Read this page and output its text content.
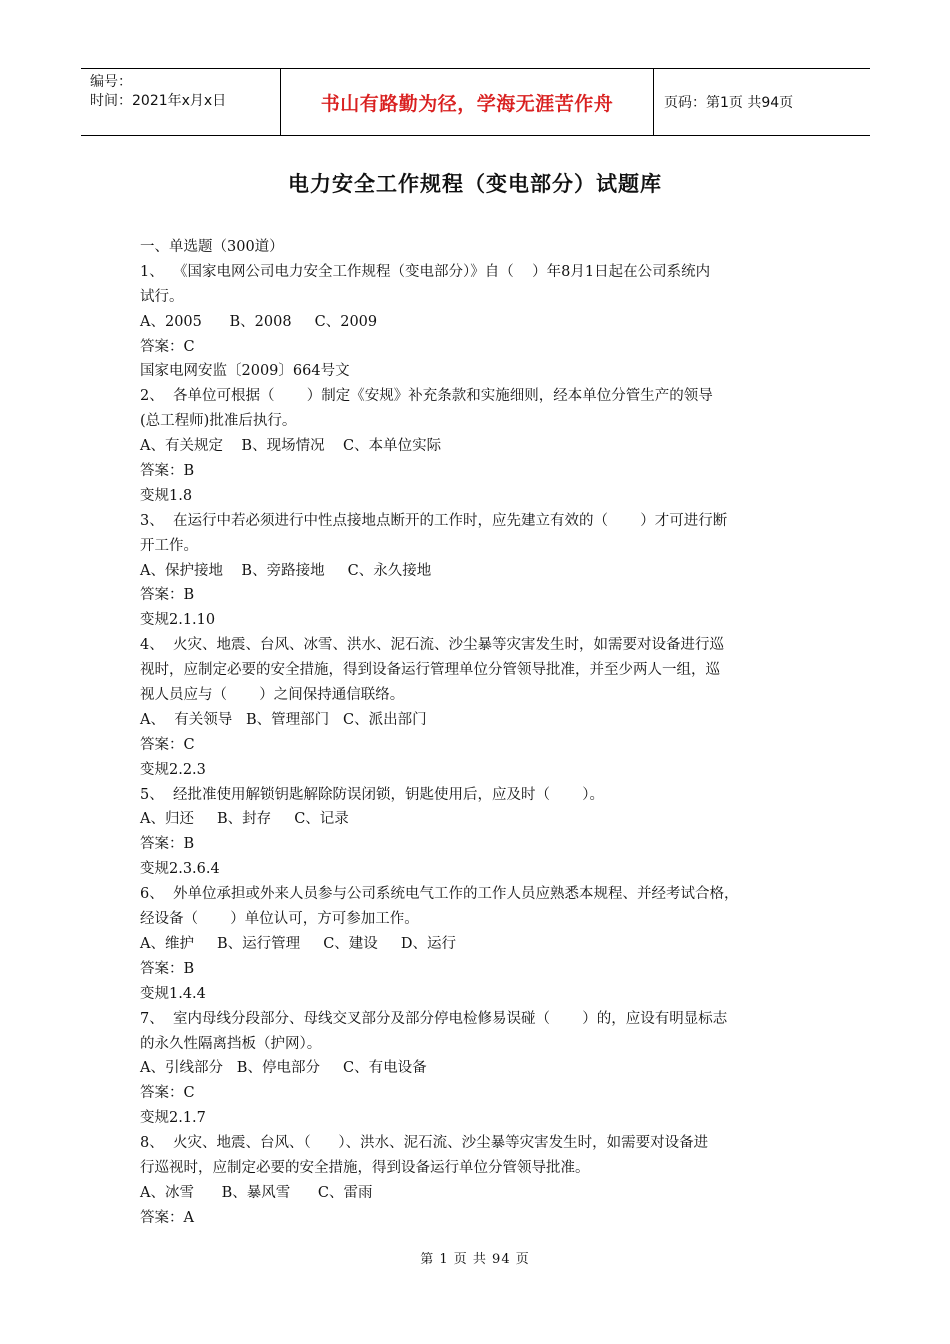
编号：
时间：2021年x月x日	书山有路勤为径，学海无涯苦作舟	页码：第1页 共94页
电力安全工作规程（变电部分）试题库
一、单选题（300道）
1、  《国家电网公司电力安全工作规程（变电部分）》自（    ）年8月1日起在公司系统内
试行。
A、2005      B、2008     C、2009
答案：C
国家电网安监〔2009〕664号文
2、  各单位可根据（       ）制定《安规》补充条款和实施细则，经本单位分管生产的领导
(总工程师)批准后执行。
A、有关规定    B、现场情况    C、本单位实际
答案：B
变规1.8
3、  在运行中若必须进行中性点接地点断开的工作时，应先建立有效的（       ）才可进行断
开工作。
A、保护接地    B、旁路接地     C、永久接地
答案：B
变规2.1.10
4、  火灾、地震、台风、冰雪、洪水、泥石流、沙尘暴等灾害发生时，如需要对设备进行巡
视时，应制定必要的安全措施，得到设备运行管理单位分管领导批准，并至少两人一组，巡
视人员应与（       ）之间保持通信联络。
A、  有关领导   B、管理部门   C、派出部门
答案：C
变规2.2.3
5、  经批准使用解锁钥匙解除防误闭锁，钥匙使用后，应及时（       ）。
A、归还     B、封存     C、记录
答案：B
变规2.3.6.4
6、  外单位承担或外来人员参与公司系统电气工作的工作人员应熟悉本规程、并经考试合格，
经设备（       ）单位认可，方可参加工作。
A、维护     B、运行管理     C、建设     D、运行
答案：B
变规1.4.4
7、  室内母线分段部分、母线交叉部分及部分停电检修易误碰（       ）的，应设有明显标志
的永久性隔离挡板（护网）。
A、引线部分   B、停电部分     C、有电设备
答案：C
变规2.1.7
8、  火灾、地震、台风、（      ）、洪水、泥石流、沙尘暴等灾害发生时，如需要对设备进
行巡视时，应制定必要的安全措施，得到设备运行单位分管领导批准。
A、冰雪      B、暴风雪      C、雷雨
答案：A
第 1 页 共 94 页
